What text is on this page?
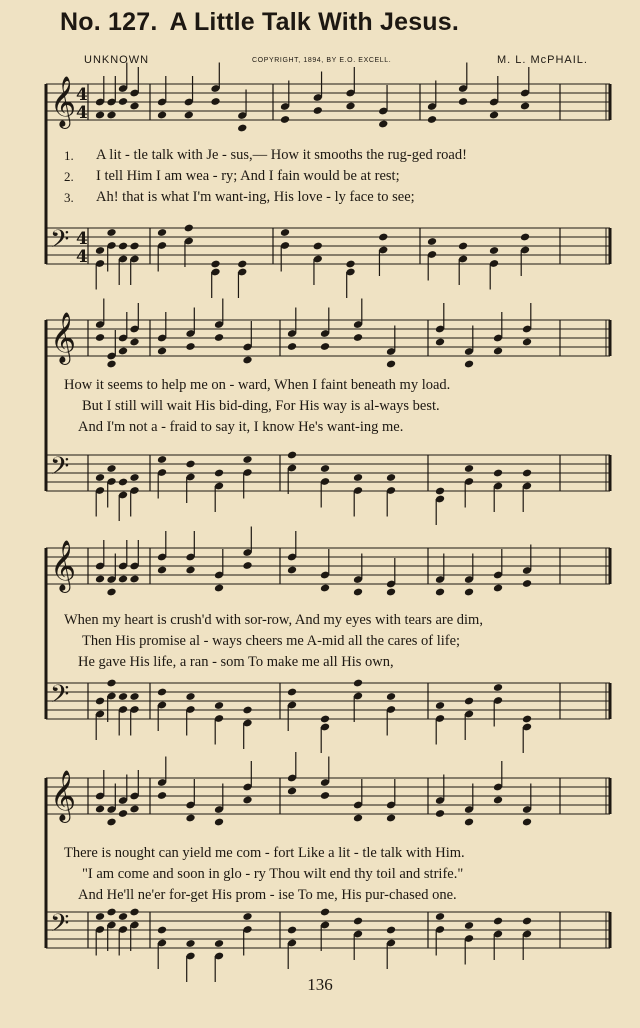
No. 127. A Little Talk With Jesus.
UNKNOWN	COPYRIGHT, 1894, BY E.O. EXCELL.	M. L. McPHAIL.
𝄞 4
4
𝄢 4
4
1. A lit - tle talk with Je - sus,— How it smooths the rug-ged road!
2. I tell Him I am wea - ry; And I fain would be at rest;
3. Ah! that is what I'm want-ing, His love - ly face to see;
𝄞
𝄢
How it seems to help me on - ward, When I faint beneath my load.
But I still will wait His bid-ding, For His way is al-ways best.
And I'm not a - fraid to say it, I know He's want-ing me.
𝄞
𝄢
When my heart is crush'd with sor-row, And my eyes with tears are dim,
Then His promise al - ways cheers me A-mid all the cares of life;
He gave His life, a ran - som To make me all His own,
𝄞
𝄢
There is nought can yield me com - fort Like a lit - tle talk with Him.
"I am come and soon in glo - ry Thou wilt end thy toil and strife."
And He'll ne'er for-get His prom - ise To me, His pur-chased one.
136
